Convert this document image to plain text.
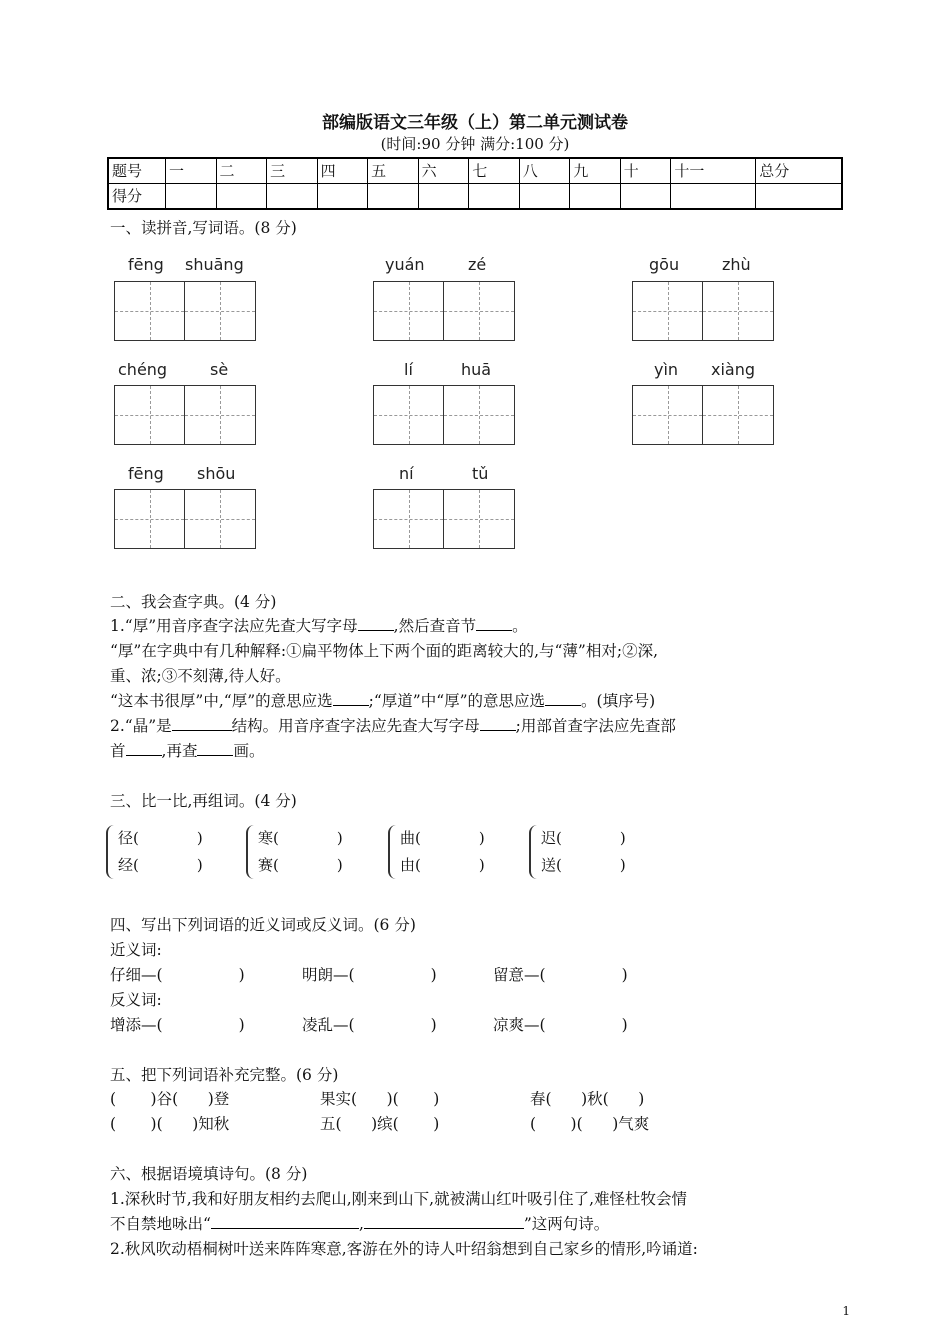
部编版语文三年级（上）第二单元测试卷
(时间:90 分钟 满分:100 分)
题号	一	二	三	四	五	六	七	八	九	十	十一	总分
得分												
一、读拼音,写词语。(8 分)
fēng shuāng	yuán	zé	gōu	zhù
chéng	sè	lí	huā	yìn xiàng
fēng shōu	ní	tǔ
二、我会查字典。(4 分)
1.“厚”用音序查字法应先查大写字母 ,然后查音节 。
“厚”在字典中有几种解释:①扁平物体上下两个面的距离较大的,与“薄”相对;②深,
重、浓;③不刻薄,待人好。
“这本书很厚”中,“厚”的意思应选 ;“厚道”中“厚”的意思应选 。(填序号)
2.“晶”是	结构。用音序查字法应先查大写字母 ;用部首查字法应先查部
首 ,再查 画。
三、比一比,再组词。(4 分)
径(	)
经(	)
寒(	)
赛(	)
曲(	)
由(	)
迟(	)
送(	)
四、写出下列词语的近义词或反义词。(6 分)
近义词:
仔细—(	)	明朗—(	)	留意—(	)
反义词:
增添—(	)	凌乱—(	)	凉爽—(	)
五、把下列词语补充完整。(6 分)
(       )谷(      )登	果实(      )(       )	春(      )秋(      )
(       )(      )知秋	五(      )缤(       )	(       )(      )气爽
六、根据语境填诗句。(8 分)
1.深秋时节,我和好朋友相约去爬山,刚来到山下,就被满山红叶吸引住了,难怪杜牧会情
不自禁地咏出“	,	”这两句诗。
2.秋风吹动梧桐树叶送来阵阵寒意,客游在外的诗人叶绍翁想到自己家乡的情形,吟诵道:
1
